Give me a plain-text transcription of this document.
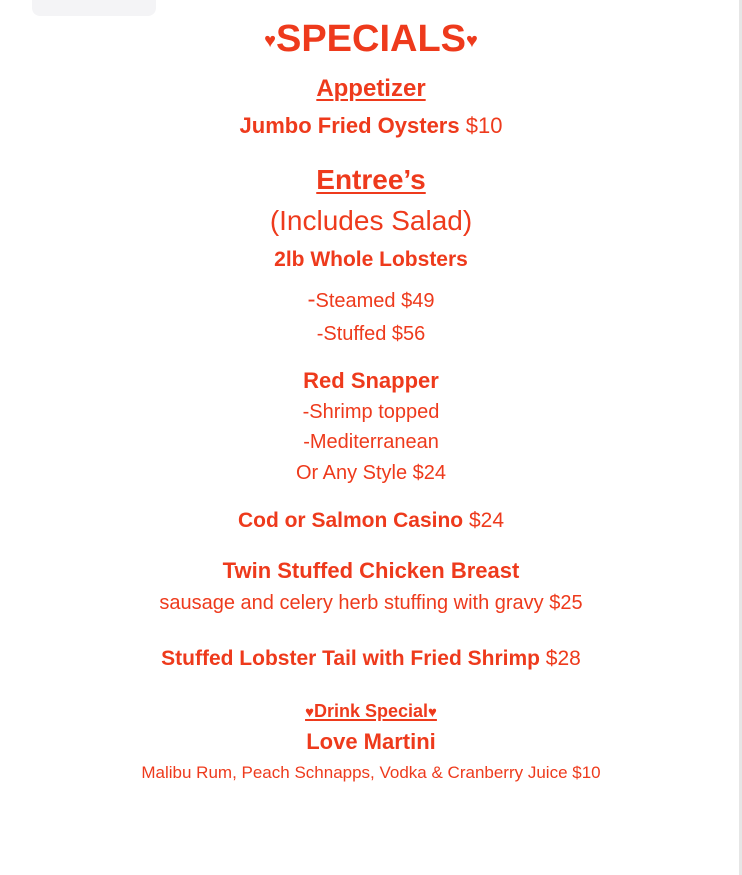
♥SPECIALS♥
Appetizer
Jumbo Fried Oysters $10
Entree’s
(Includes Salad)
2lb Whole Lobsters
-Steamed $49
-Stuffed $56
Red Snapper
-Shrimp topped
-Mediterranean
Or Any Style $24
Cod or Salmon Casino $24
Twin Stuffed Chicken Breast
sausage and celery herb stuffing with gravy $25
Stuffed Lobster Tail with Fried Shrimp $28
♥Drink Special♥
Love Martini
Malibu Rum, Peach Schnapps, Vodka & Cranberry Juice $10
